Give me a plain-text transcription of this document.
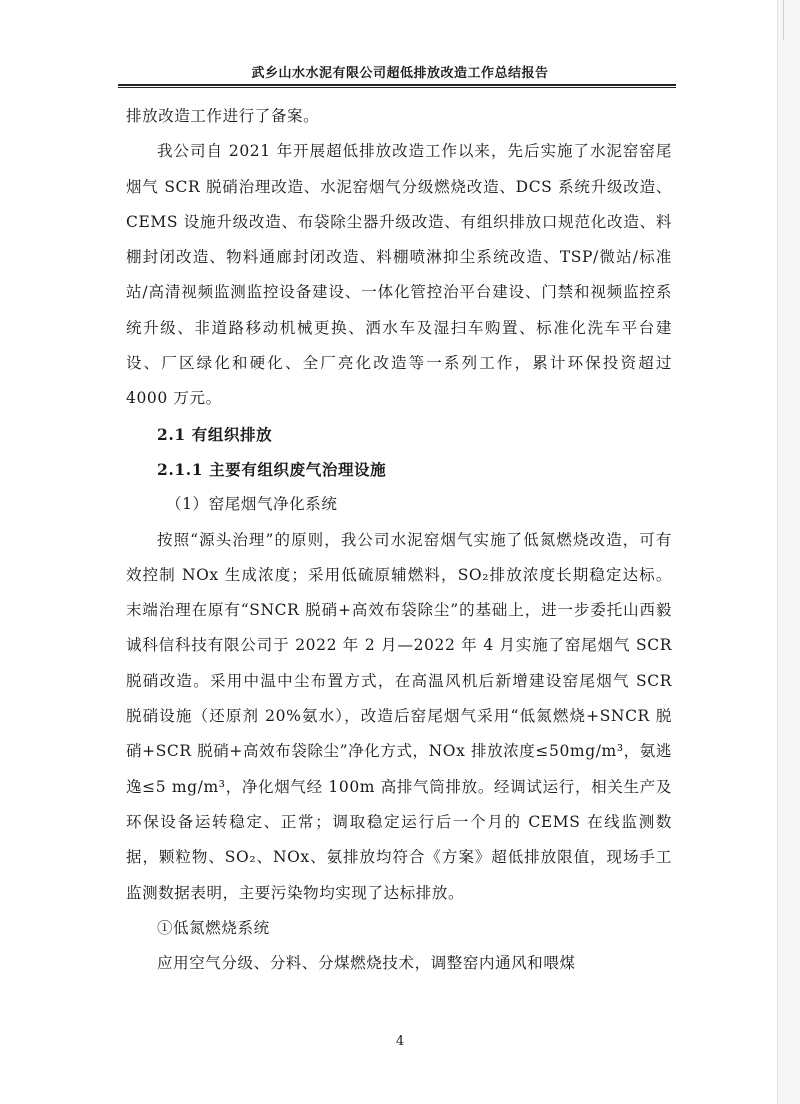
武乡山水水泥有限公司超低排放改造工作总结报告

排放改造工作进行了备案。

我公司自 2021 年开展超低排放改造工作以来，先后实施了水泥窑窑尾烟气 SCR 脱硝治理改造、水泥窑烟气分级燃烧改造、DCS 系统升级改造、CEMS 设施升级改造、布袋除尘器升级改造、有组织排放口规范化改造、料棚封闭改造、物料通廊封闭改造、料棚喷淋抑尘系统改造、TSP/微站/标准站/高清视频监测监控设备建设、一体化管控治平台建设、门禁和视频监控系统升级、非道路移动机械更换、洒水车及湿扫车购置、标准化洗车平台建设、厂区绿化和硬化、全厂亮化改造等一系列工作，累计环保投资超过 4000 万元。

2.1 有组织排放

2.1.1 主要有组织废气治理设施

（1）窑尾烟气净化系统

按照“源头治理”的原则，我公司水泥窑烟气实施了低氮燃烧改造，可有效控制 NOx 生成浓度；采用低硫原辅燃料，SO₂排放浓度长期稳定达标。末端治理在原有“SNCR 脱硝+高效布袋除尘”的基础上，进一步委托山西毅诚科信科技有限公司于 2022 年 2 月—2022 年 4 月实施了窑尾烟气 SCR 脱硝改造。采用中温中尘布置方式，在高温风机后新增建设窑尾烟气 SCR 脱硝设施（还原剂 20%氨水），改造后窑尾烟气采用“低氮燃烧+SNCR 脱硝+SCR 脱硝+高效布袋除尘”净化方式，NOx 排放浓度≤50mg/m³，氨逃逸≤5 mg/m³，净化烟气经 100m 高排气筒排放。经调试运行，相关生产及环保设备运转稳定、正常；调取稳定运行后一个月的 CEMS 在线监测数据，颗粒物、SO₂、NOx、氨排放均符合《方案》超低排放限值，现场手工监测数据表明，主要污染物均实现了达标排放。

①低氮燃烧系统

应用空气分级、分料、分煤燃烧技术，调整窑内通风和喂煤

4
